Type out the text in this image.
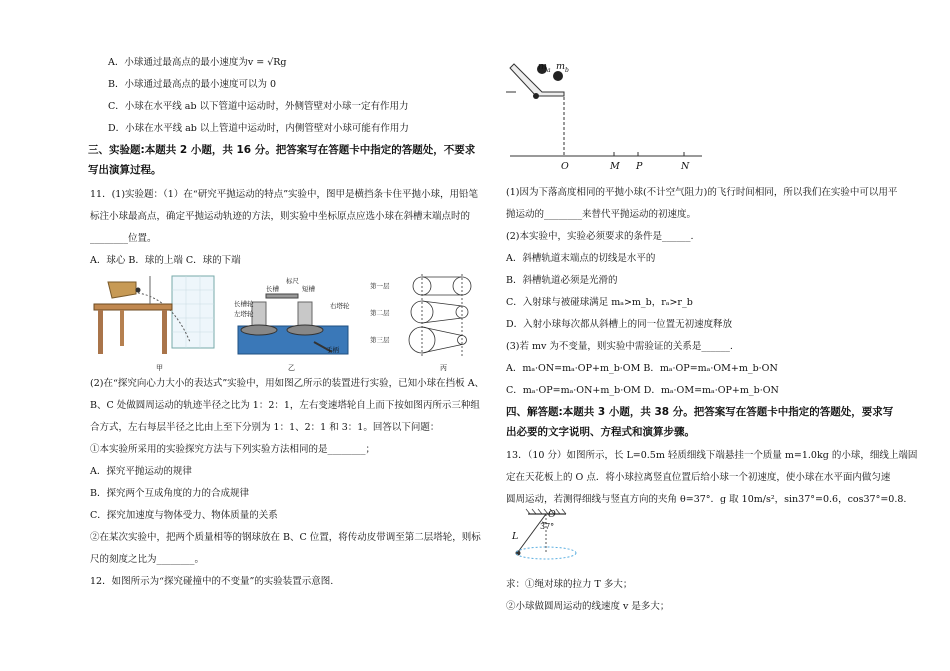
A．小球通过最高点的最小速度为v = √Rg
B．小球通过最高点的最小速度可以为 0
C．小球在水平线 ab 以下管道中运动时，外侧管壁对小球一定有作用力
D．小球在水平线 ab 以上管道中运动时，内侧管壁对小球可能有作用力
三、实验题:本题共 2 小题，共 16 分。把答案写在答题卡中指定的答题处，不要求
写出演算过程。
11．(1)实验题：（1）在“研究平抛运动的特点”实验中，图甲是横挡条卡住平抛小球，用铅笔
标注小球最高点，确定平抛运动轨迹的方法，则实验中坐标原点应选小球在斜槽末端点时的
________位置。
A．球心 B．球的上端 C．球的下端
甲
标尺
长槽	短槽
长槽轮
左塔轮
右塔轮
手柄
乙
第一层
第二层
第三层
丙
(2)在“探究向心力大小的表达式”实验中，用如图乙所示的装置进行实验，已知小球在挡板 A、
B、C 处做圆周运动的轨迹半径之比为 1：2：1，左右变速塔轮自上而下按如图丙所示三种组
合方式，左右每层半径之比由上至下分别为 1：1、2：1 和 3：1。回答以下问题：
①本实验所采用的实验探究方法与下列实验方法相同的是________；
A．探究平抛运动的规律
B．探究两个互成角度的力的合成规律
C．探究加速度与物体受力、物体质量的关系
②在某次实验中，把两个质量相等的钢球放在 B、C 位置，将传动皮带调至第二层塔轮，则标
尺的刻度之比为________。
12．如图所示为“探究碰撞中的不变量”的实验装置示意图.
$m_a$ $m_b$
O	M P	N
(1)因为下落高度相同的平抛小球(不计空气阻力)的飞行时间相同，所以我们在实验中可以用平
抛运动的________来替代平抛运动的初速度。
(2)本实验中，实验必须要求的条件是______.
A．斜槽轨道末端点的切线是水平的
B．斜槽轨道必须是光滑的
C．入射球与被碰球满足 mₐ>m_b，rₐ>r_b
D．入射小球每次都从斜槽上的同一位置无初速度释放
(3)若 mv 为不变量，则实验中需验证的关系是______.
A．mₐ·ON=mₐ·OP+m_b·OM B．mₐ·OP=mₐ·OM+m_b·ON
C．mₐ·OP=mₐ·ON+m_b·OM D．mₐ·OM=mₐ·OP+m_b·ON
四、解答题:本题共 3 小题，共 38 分。把答案写在答题卡中指定的答题处，要求写
出必要的文字说明、方程式和演算步骤。
13．（10 分）如图所示，长 L=0.5m 轻质细线下端悬挂一个质量 m=1.0kg 的小球，细线上端固
定在天花板上的 O 点．将小球拉离竖直位置后给小球一个初速度，使小球在水平面内做匀速
圆周运动，若测得细线与竖直方向的夹角 θ=37°．g 取 10m/s²，sin37°=0.6，cos37°=0.8.
O
37°
L
求：①绳对球的拉力 T 多大；
②小球做圆周运动的线速度 v 是多大；
